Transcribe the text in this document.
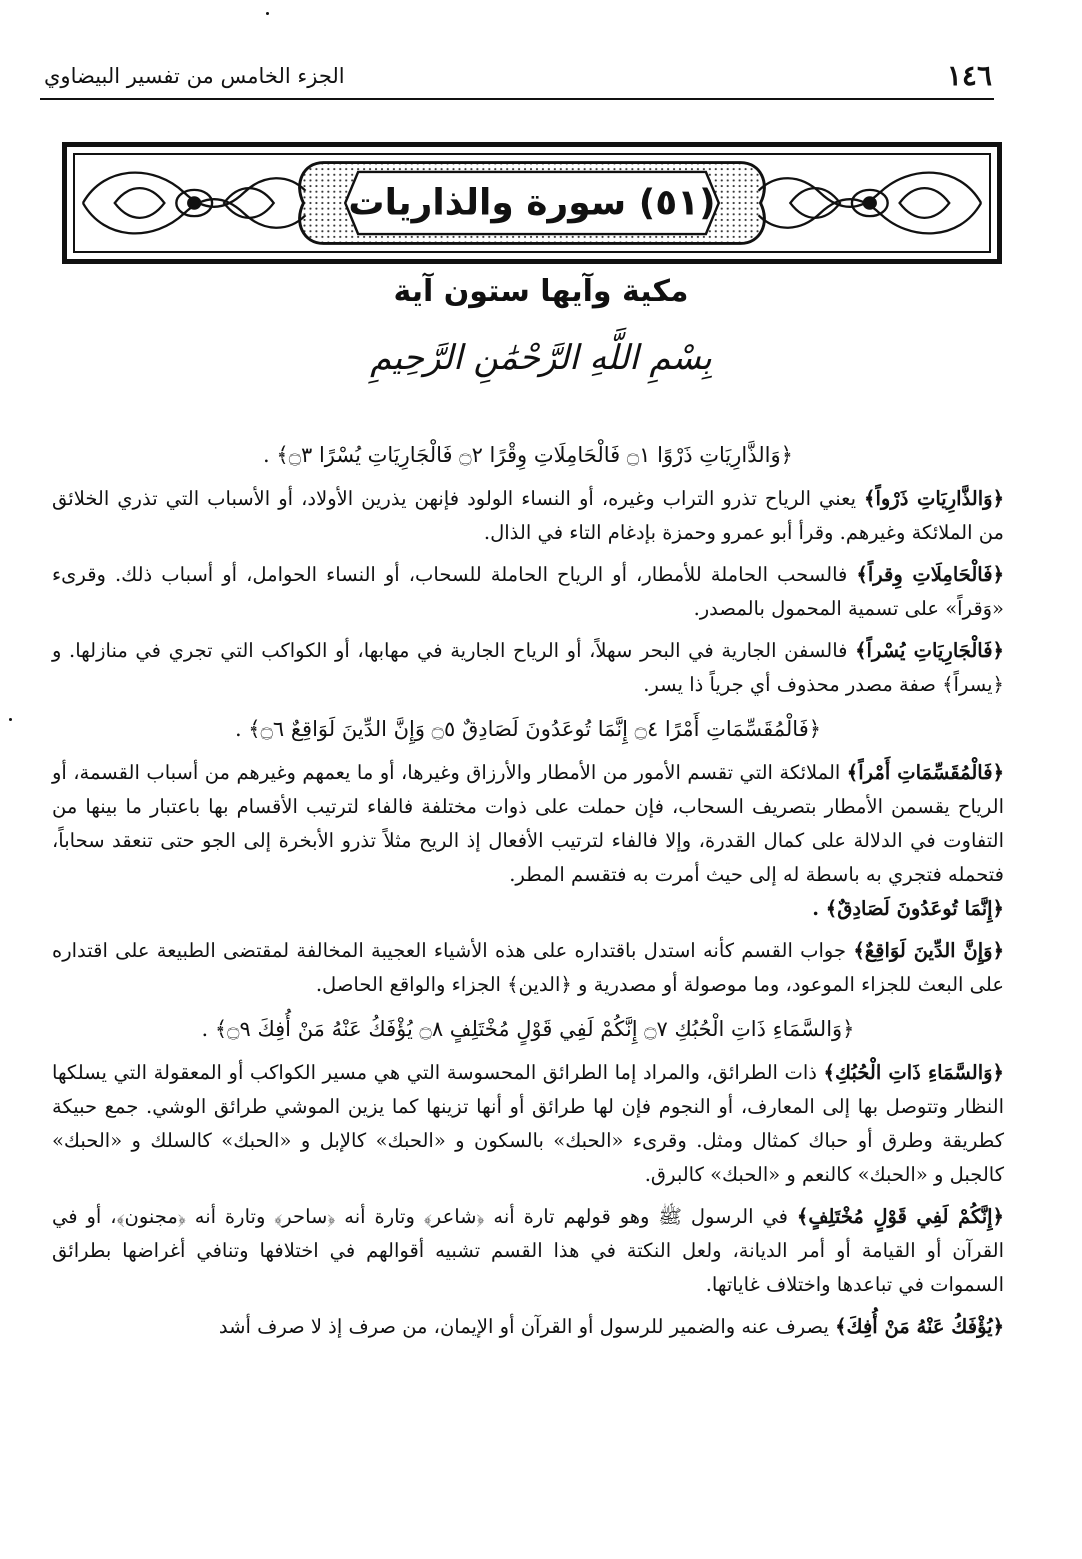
١٤٦
الجزء الخامس من تفسير البيضاوي
(٥١) سورة والذاريات
مكية وآيها ستون آية
بِسْمِ اللَّهِ الرَّحْمَٰنِ الرَّحِيمِ
﴿وَالذَّارِيَاتِ ذَرْوًا ۝١ فَالْحَامِلَاتِ وِقْرًا ۝٢ فَالْجَارِيَاتِ يُسْرًا ۝٣﴾ .

﴿وَالذَّارِيَاتِ ذَرْواً﴾ يعني الرياح تذرو التراب وغيره، أو النساء الولود فإنهن يذرين الأولاد، أو الأسباب التي تذري الخلائق من الملائكة وغيرهم. وقرأ أبو عمرو وحمزة بإدغام التاء في الذال.

﴿فَالْحَامِلَاتِ وِقراً﴾ فالسحب الحاملة للأمطار، أو الرياح الحاملة للسحاب، أو النساء الحوامل، أو أسباب ذلك. وقرىء «وَقراً» على تسمية المحمول بالمصدر.

﴿فَالْجَارِيَاتِ يُسْراً﴾ فالسفن الجارية في البحر سهلاً، أو الرياح الجارية في مهابها، أو الكواكب التي تجري في منازلها. و ﴿يسراً﴾ صفة مصدر محذوف أي جرياً ذا يسر.

﴿فَالْمُقَسِّمَاتِ أَمْرًا ۝٤ إِنَّمَا تُوعَدُونَ لَصَادِقٌ ۝٥ وَإِنَّ الدِّينَ لَوَاقِعٌ ۝٦﴾ .

﴿فَالْمُقَسِّمَاتِ أَمْراً﴾ الملائكة التي تقسم الأمور من الأمطار والأرزاق وغيرها، أو ما يعمهم وغيرهم من أسباب القسمة، أو الرياح يقسمن الأمطار بتصريف السحاب، فإن حملت على ذوات مختلفة فالفاء لترتيب الأقسام بها باعتبار ما بينها من التفاوت في الدلالة على كمال القدرة، وإلا فالفاء لترتيب الأفعال إذ الريح مثلاً تذرو الأبخرة إلى الجو حتى تنعقد سحاباً، فتحمله فتجري به باسطة له إلى حيث أمرت به فتقسم المطر.
﴿إِنَّمَا تُوعَدُونَ لَصَادِقٌ﴾ .

﴿وَإِنَّ الدِّينَ لَوَاقِعٌ﴾ جواب القسم كأنه استدل باقتداره على هذه الأشياء العجيبة المخالفة لمقتضى الطبيعة على اقتداره على البعث للجزاء الموعود، وما موصولة أو مصدرية و ﴿الدين﴾ الجزاء والواقع الحاصل.

﴿وَالسَّمَاءِ ذَاتِ الْحُبُكِ ۝٧ إِنَّكُمْ لَفِي قَوْلٍ مُخْتَلِفٍ ۝٨ يُؤْفَكُ عَنْهُ مَنْ أُفِكَ ۝٩﴾ .

﴿وَالسَّمَاءِ ذَاتِ الْحُبُكِ﴾ ذات الطرائق، والمراد إما الطرائق المحسوسة التي هي مسير الكواكب أو المعقولة التي يسلكها النظار وتتوصل بها إلى المعارف، أو النجوم فإن لها طرائق أو أنها تزينها كما يزين الموشي طرائق الوشي. جمع حبيكة كطريقة وطرق أو حباك كمثال ومثل. وقرىء «الحبك» بالسكون و «الحبك» كالإبل و «الحبك» كالسلك و «الحبك» كالجبل و «الحبك» كالنعم و «الحبك» كالبرق.

﴿إِنَّكُمْ لَفِي قَوْلٍ مُخْتَلِفٍ﴾ في الرسول ﷺ وهو قولهم تارة أنه ﴿شاعر﴾ وتارة أنه ﴿ساحر﴾ وتارة أنه ﴿مجنون﴾، أو في القرآن أو القيامة أو أمر الديانة، ولعل النكتة في هذا القسم تشبيه أقوالهم في اختلافها وتنافي أغراضها بطرائق السموات في تباعدها واختلاف غاياتها.

﴿يُؤْفَكُ عَنْهُ مَنْ أُفِكَ﴾ يصرف عنه والضمير للرسول أو القرآن أو الإيمان، من صرف إذ لا صرف أشد
